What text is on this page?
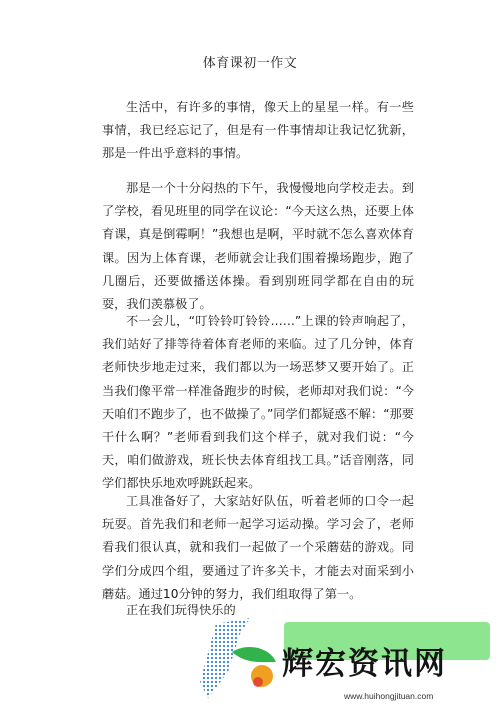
体育课初一作文

生活中，有许多的事情，像天上的星星一样。有一些事情，我已经忘记了，但是有一件事情却让我记忆犹新，那是一件出乎意料的事情。

那是一个十分闷热的下午，我慢慢地向学校走去。到了学校，看见班里的同学在议论：“今天这么热，还要上体育课，真是倒霉啊！”我想也是啊，平时就不怎么喜欢体育课。因为上体育课，老师就会让我们围着操场跑步，跑了几圈后，还要做播送体操。看到别班同学都在自由的玩耍，我们羡慕极了。

不一会儿，“叮铃铃叮铃铃……”上课的铃声响起了，我们站好了排等待着体育老师的来临。过了几分钟，体育老师快步地走过来，我们都以为一场恶梦又要开始了。正当我们像平常一样准备跑步的时候，老师却对我们说：“今天咱们不跑步了，也不做操了。”同学们都疑惑不解：“那要干什么啊？”老师看到我们这个样子，就对我们说：“今天，咱们做游戏，班长快去体育组找工具。”话音刚落，同学们都快乐地欢呼跳跃起来。

工具准备好了，大家站好队伍，听着老师的口令一起玩耍。首先我们和老师一起学习运动操。学习会了，老师看我们很认真，就和我们一起做了一个采蘑菇的游戏。同学们分成四个组，要通过了许多关卡，才能去对面采到小蘑菇。通过10分钟的努力，我们组取得了第一。

正在我们玩得快乐的

辉宏资讯网
www.huihongjituan.com
